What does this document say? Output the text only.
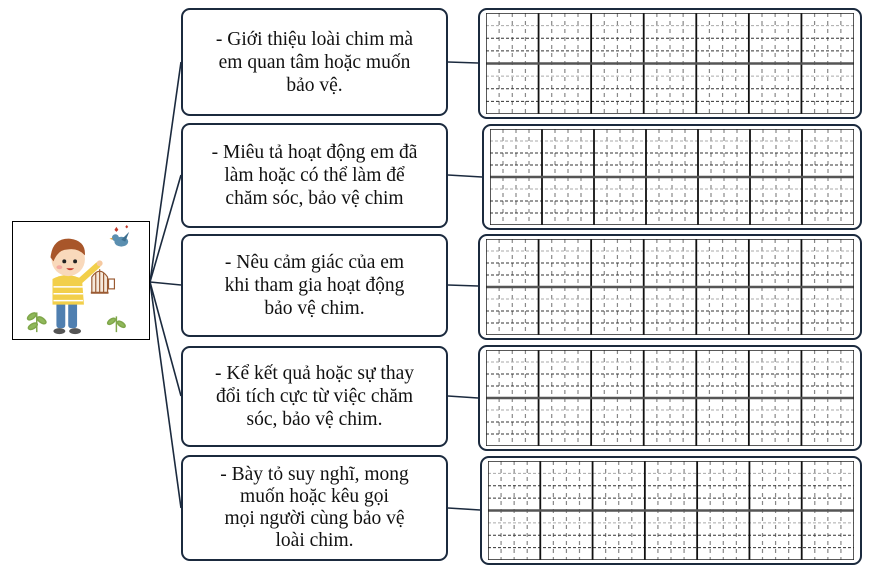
- Giới thiệu loài chim mà
em quan tâm hoặc muốn
bảo vệ.
- Miêu tả hoạt động em đã
làm hoặc có thể làm để
chăm sóc, bảo vệ chim
- Nêu cảm giác của em
khi tham gia hoạt động
bảo vệ chim.
- Kể kết quả hoặc sự thay
đổi tích cực từ việc chăm
sóc, bảo vệ chim.
- Bày tỏ suy nghĩ, mong
muốn hoặc kêu gọi
mọi người cùng bảo vệ
loài chim.
